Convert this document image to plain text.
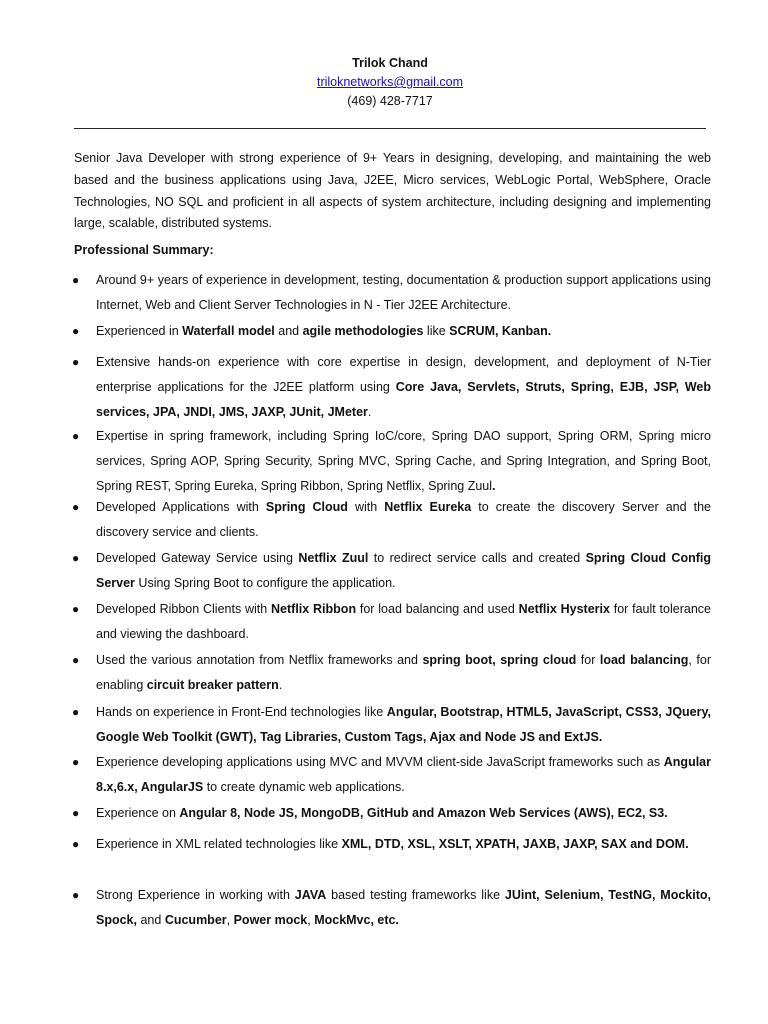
Trilok Chand
triloknetworks@gmail.com
(469) 428-7717
Senior Java Developer with strong experience of 9+ Years in designing, developing, and maintaining the web based and the business applications using Java, J2EE, Micro services, WebLogic Portal, WebSphere, Oracle Technologies, NO SQL and proficient in all aspects of system architecture, including designing and implementing large, scalable, distributed systems.
Professional Summary:
● Around 9+ years of experience in development, testing, documentation & production support applications using Internet, Web and Client Server Technologies in N - Tier J2EE Architecture.
● Experienced in Waterfall model and agile methodologies like SCRUM, Kanban.
● Extensive hands-on experience with core expertise in design, development, and deployment of N-Tier enterprise applications for the J2EE platform using Core Java, Servlets, Struts, Spring, EJB, JSP, Web services, JPA, JNDI, JMS, JAXP, JUnit, JMeter.
● Expertise in spring framework, including Spring IoC/core, Spring DAO support, Spring ORM, Spring micro services, Spring AOP, Spring Security, Spring MVC, Spring Cache, and Spring Integration, and Spring Boot, Spring REST, Spring Eureka, Spring Ribbon, Spring Netflix, Spring Zuul.
● Developed Applications with Spring Cloud with Netflix Eureka to create the discovery Server and the discovery service and clients.
● Developed Gateway Service using Netflix Zuul to redirect service calls and created Spring Cloud Config Server Using Spring Boot to configure the application.
● Developed Ribbon Clients with Netflix Ribbon for load balancing and used Netflix Hysterix for fault tolerance and viewing the dashboard.
● Used the various annotation from Netflix frameworks and spring boot, spring cloud for load balancing, for enabling circuit breaker pattern.
● Hands on experience in Front-End technologies like Angular, Bootstrap, HTML5, JavaScript, CSS3, JQuery, Google Web Toolkit (GWT), Tag Libraries, Custom Tags, Ajax and Node JS and ExtJS.
● Experience developing applications using MVC and MVVM client-side JavaScript frameworks such as Angular 8.x,6.x, AngularJS to create dynamic web applications.
● Experience on Angular 8, Node JS, MongoDB, GitHub and Amazon Web Services (AWS), EC2, S3.
● Experience in XML related technologies like XML, DTD, XSL, XSLT, XPATH, JAXB, JAXP, SAX and DOM.
● Strong Experience in working with JAVA based testing frameworks like JUint, Selenium, TestNG, Mockito, Spock, and Cucumber, Power mock, MockMvc, etc.
